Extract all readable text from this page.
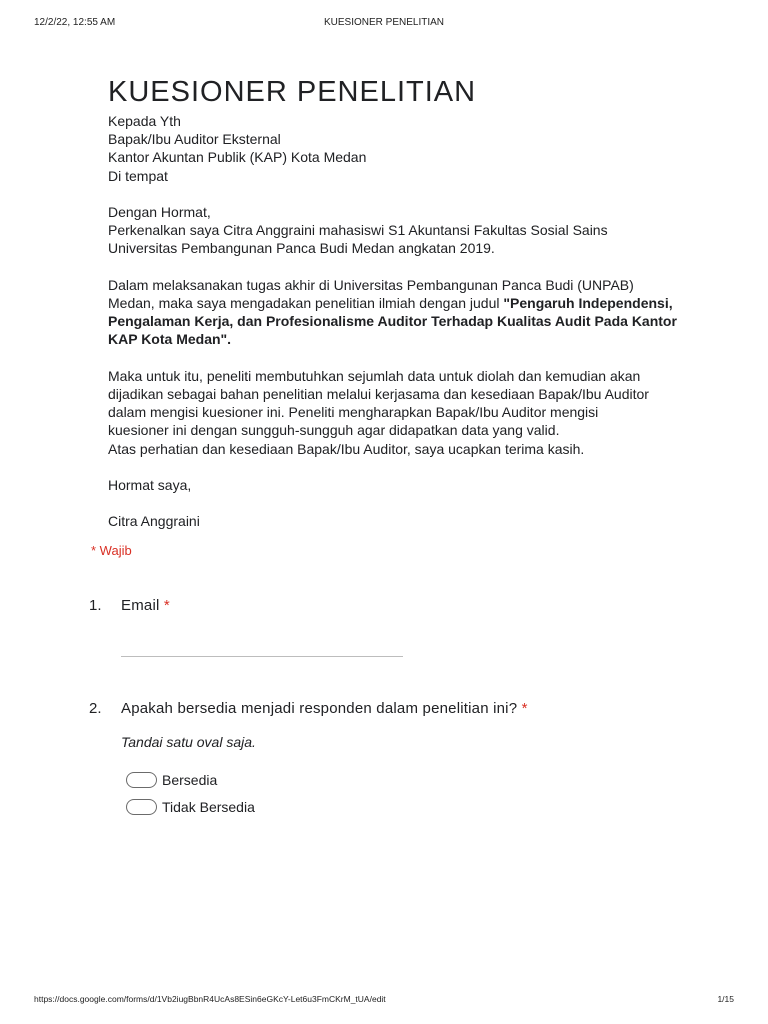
12/2/22, 12:55 AM	KUESIONER PENELITIAN
KUESIONER PENELITIAN

Kepada Yth
Bapak/Ibu Auditor Eksternal
Kantor Akuntan Publik (KAP) Kota Medan
Di tempat

Dengan Hormat,
Perkenalkan saya Citra Anggraini mahasiswi S1 Akuntansi Fakultas Sosial Sains
Universitas Pembangunan Panca Budi Medan angkatan 2019.

Dalam melaksanakan tugas akhir di Universitas Pembangunan Panca Budi (UNPAB) Medan, maka saya mengadakan penelitian ilmiah dengan judul "Pengaruh Independensi, Pengalaman Kerja, dan Profesionalisme Auditor Terhadap Kualitas Audit Pada Kantor KAP Kota Medan".

Maka untuk itu, peneliti membutuhkan sejumlah data untuk diolah dan kemudian akan
dijadikan sebagai bahan penelitian melalui kerjasama dan kesediaan Bapak/Ibu Auditor
dalam mengisi kuesioner ini. Peneliti mengharapkan Bapak/Ibu Auditor mengisi
kuesioner ini dengan sungguh-sungguh agar didapatkan data yang valid.
Atas perhatian dan kesediaan Bapak/Ibu Auditor, saya ucapkan terima kasih.

Hormat saya,

Citra Anggraini

* Wajib
1. Email *
2. Apakah bersedia menjadi responden dalam penelitian ini? *
Tandai satu oval saja.
Bersedia
Tidak Bersedia
https://docs.google.com/forms/d/1Vb2iugBbnR4UcAs8ESin6eGKcY-Let6u3FmCKrM_tUA/edit	1/15
